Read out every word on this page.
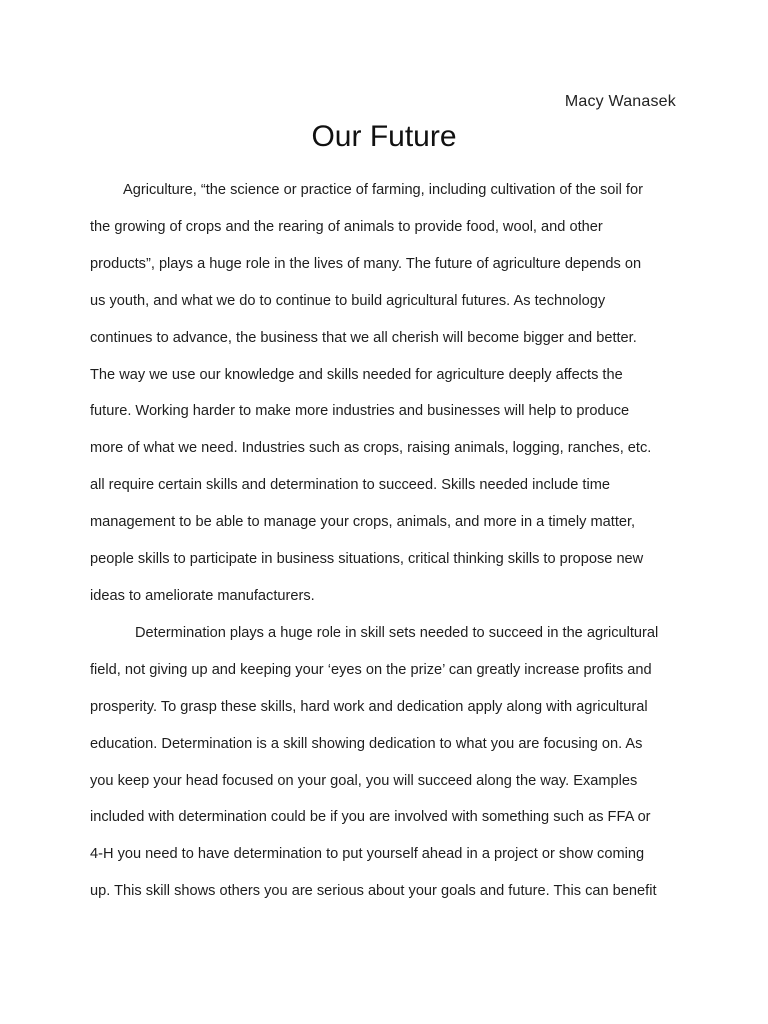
Macy Wanasek
Our Future
Agriculture, “the science or practice of farming, including cultivation of the soil for
the growing of crops and the rearing of animals to provide food, wool, and other
products”, plays a huge role in the lives of many. The future of agriculture depends on
us youth, and what we do to continue to build agricultural futures. As technology
continues to advance, the business that we all cherish will become bigger and better.
The way we use our knowledge and skills needed for agriculture deeply affects the
future. Working harder to make more industries and businesses will help to produce
more of what we need. Industries such as crops, raising animals, logging, ranches, etc.
all require certain skills and determination to succeed. Skills needed include time
management to be able to manage your crops, animals, and more in a timely matter,
people skills to participate in business situations, critical thinking skills to propose new
ideas to ameliorate manufacturers.
Determination plays a huge role in skill sets needed to succeed in the agricultural
field, not giving up and keeping your ‘eyes on the prize’ can greatly increase profits and
prosperity. To grasp these skills, hard work and dedication apply along with agricultural
education. Determination is a skill showing dedication to what you are focusing on. As
you keep your head focused on your goal, you will succeed along the way. Examples
included with determination could be if you are involved with something such as FFA or
4-H you need to have determination to put yourself ahead in a project or show coming
up. This skill shows others you are serious about your goals and future. This can benefit
